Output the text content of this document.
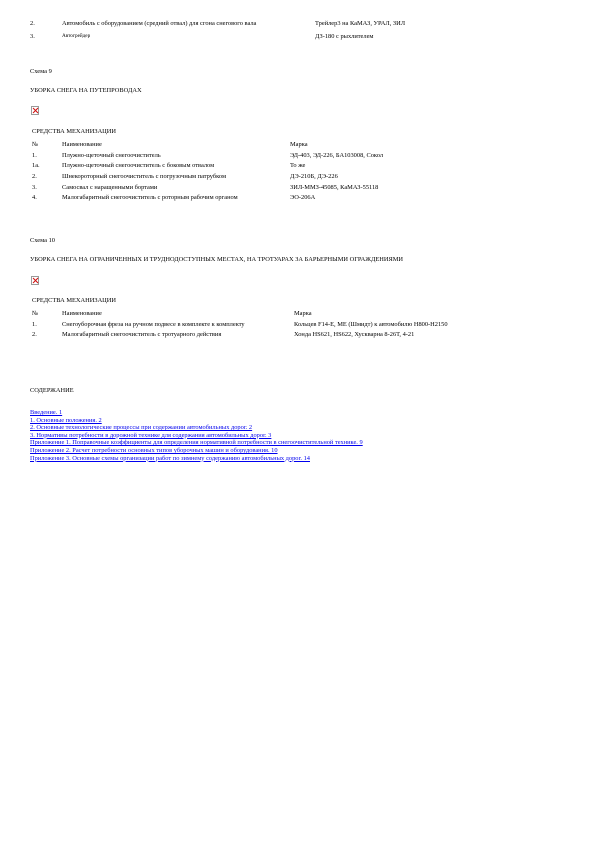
2.	Автомобиль с оборудованием (средний отвал) для сгона снегового вала	Трейлер3 на КаМАЗ, УРАЛ, ЗИЛ
3.	Автогрейдер	ДЗ-180 с рыхлителем
Схема 9
УБОРКА СНЕГА НА ПУТЕПРОВОДАХ
СРЕДСТВА МЕХАНИЗАЦИИ
№	Наименование	Марка
1.	Плужно-щеточный снегоочиститель	ЭД-403, ЭД-226, БА103008, Сокол
1а.	Плужно-щеточный снегоочиститель с боковым отвалом	То же
2.	Шнекороторный снегоочиститель с погрузочным патрубком	ДЭ-210Б, ДЭ-226
3.	Самосвал с наращенными бортами	ЗИЛ-ММЗ-45085, КаМАЗ-55118
4.	Малогабаритный снегоочиститель с роторным рабочим органом	ЭО-206А
Схема 10
УБОРКА СНЕГА НА ОГРАНИЧЕННЫХ И ТРУДНОДОСТУПНЫХ МЕСТАХ, НА ТРОТУАРАХ ЗА БАРЬЕРНЫМИ ОГРАЖДЕНИЯМИ
СРЕДСТВА МЕХАНИЗАЦИИ
№	Наименование	Марка
1.	Снегоуборочная фреза на ручном подвесе в комплекте к комплекту	Кольцев F14-Е, МЕ (Шмидт) к автомобилю Н800-Н2150
2.	Малогабаритный снегоочиститель с тротуарного действия	Хонда HS621, HS622, Хускварна 8-26Т, 4-21
СОДЕРЖАНИЕ
Введение. 1
1. Основные положения. 2
2. Основные технологические процессы при содержании автомобильных дорог. 2
3. Нормативы потребности в дорожной технике для содержания автомобильных дорог. 3
Приложение 1. Поправочные коэффициенты для определения нормативной потребности в снегоочистительной технике. 9
Приложение 2. Расчет потребности основных типов уборочных машин и оборудования. 10
Приложение 3. Основные схемы организации работ по зимнему содержанию автомобильных дорог. 14
